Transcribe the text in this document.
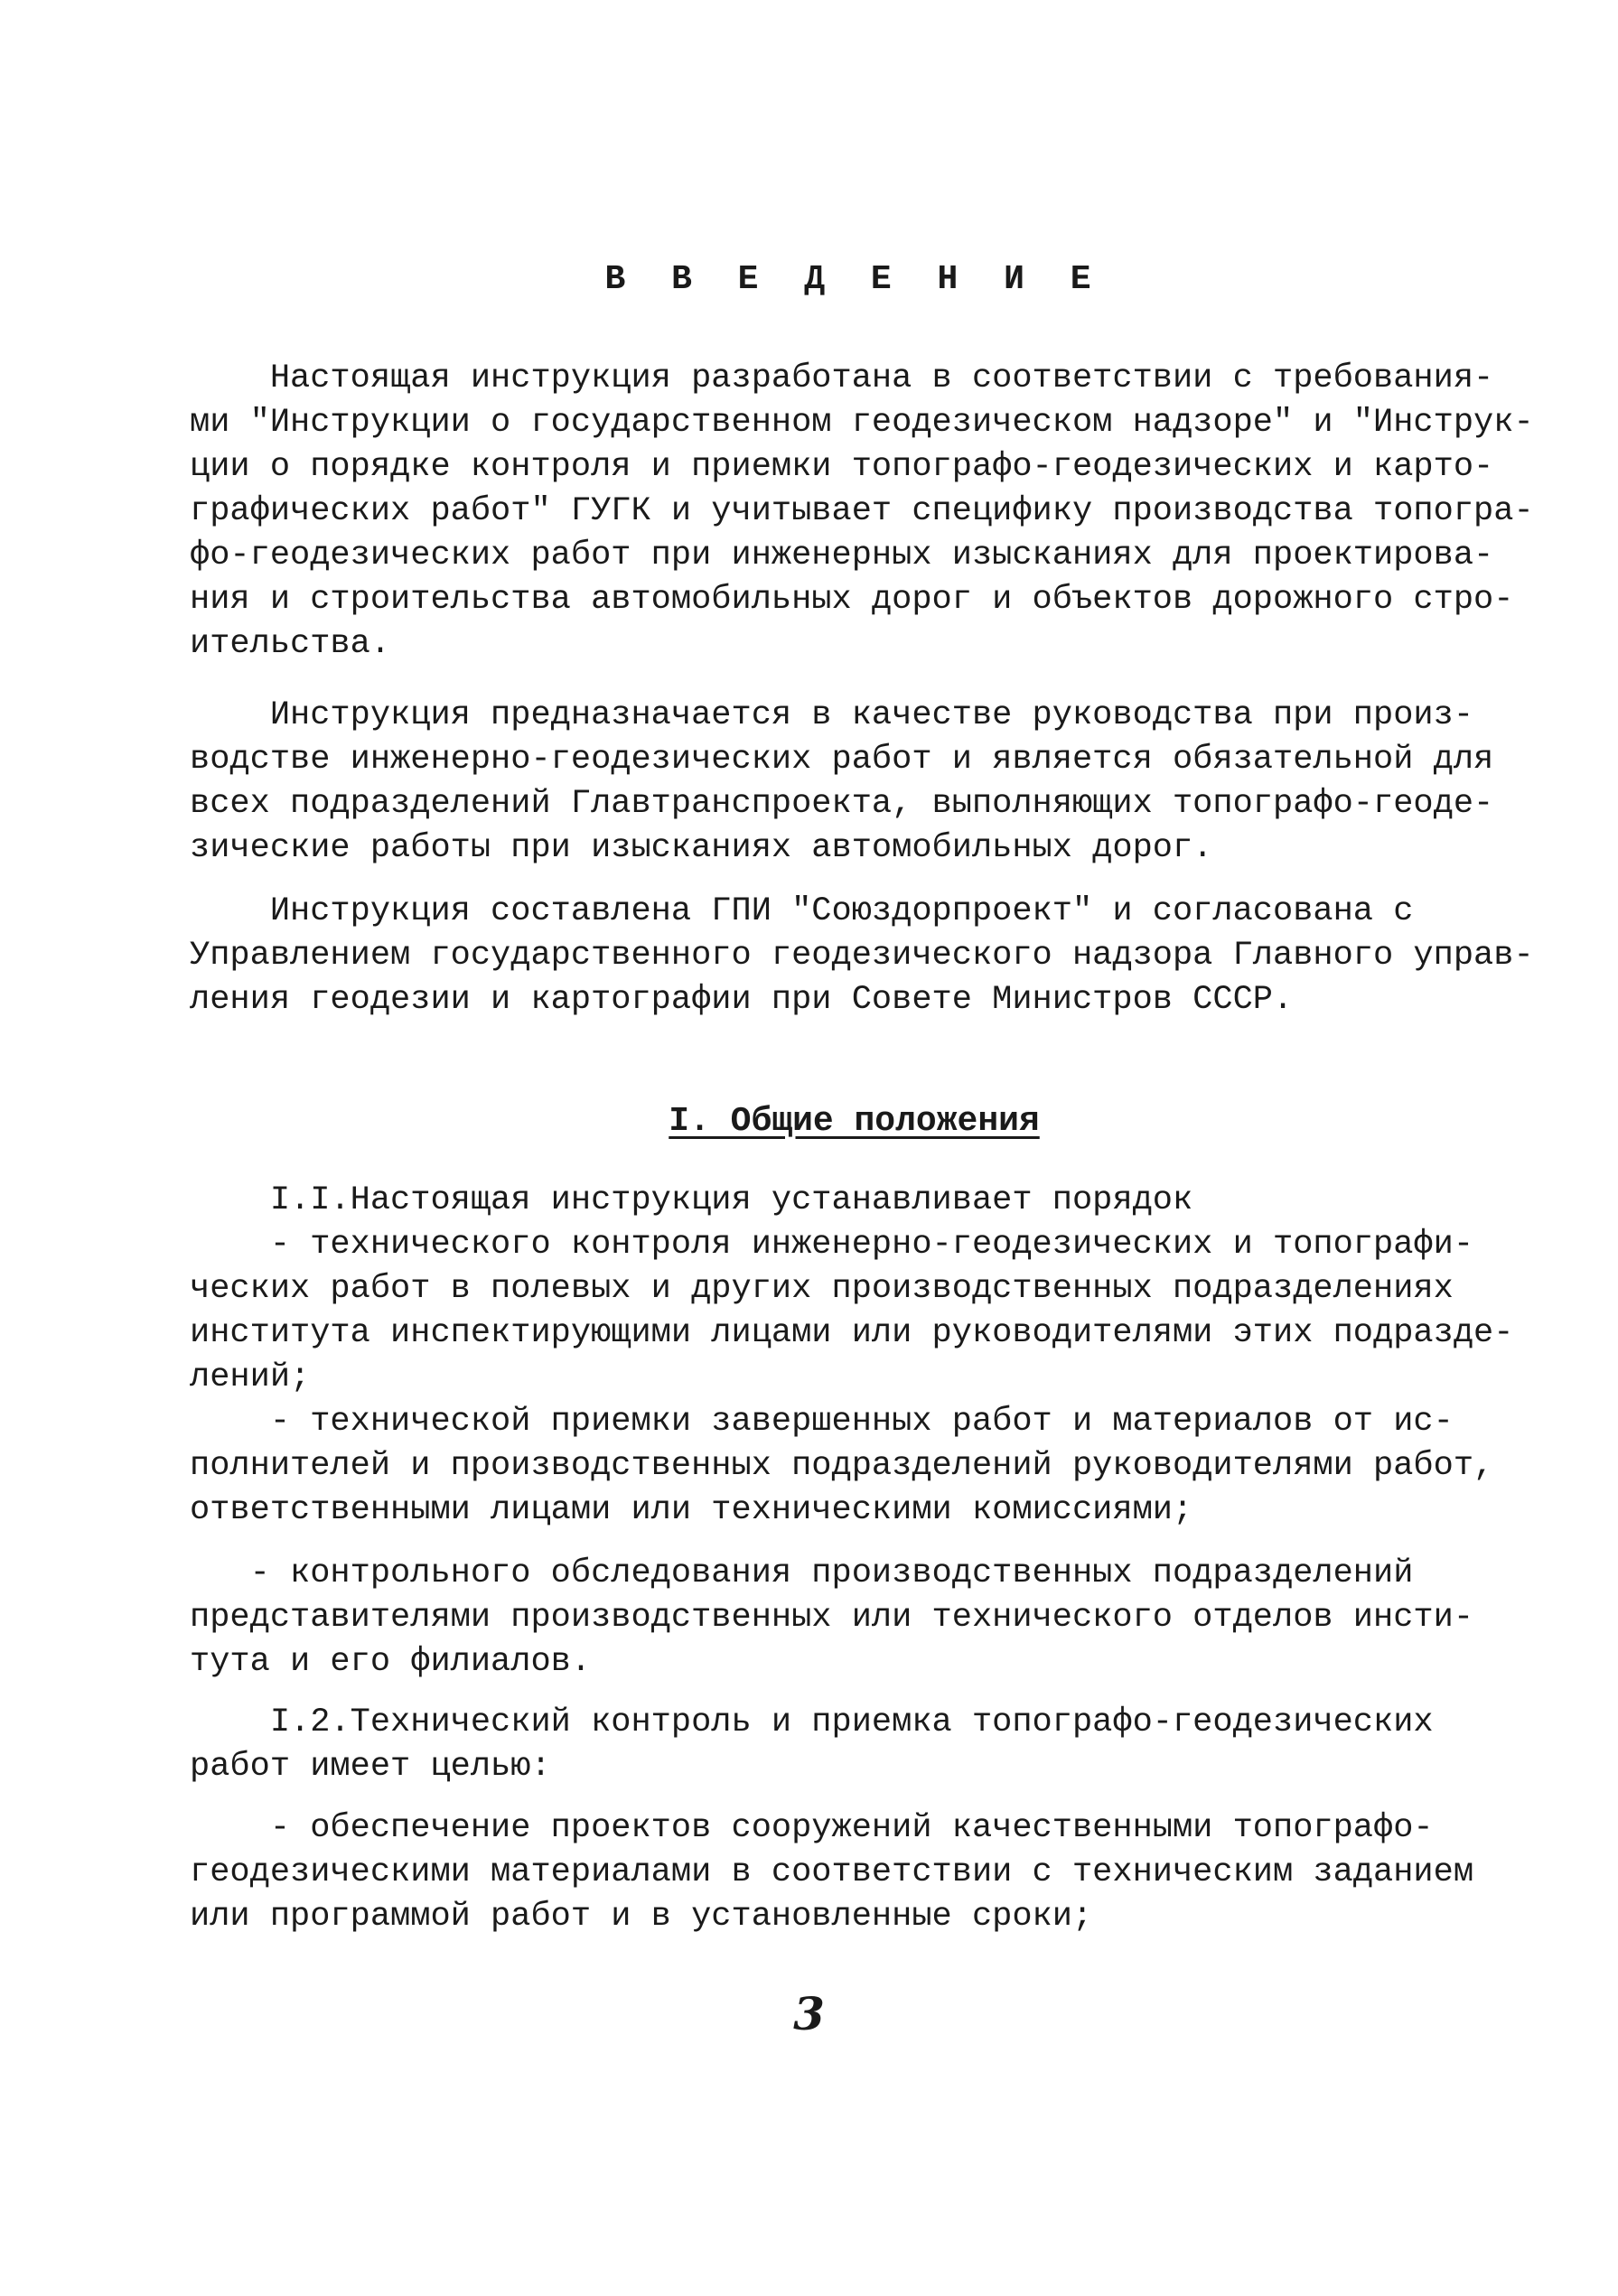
В В Е Д Е Н И Е
Настоящая инструкция разработана в соответствии с требования-
ми "Инструкции о государственном геодезическом надзоре" и "Инструк-
ции о порядке контроля и приемки топографо-геодезических и карто-
графических работ" ГУГК и учитывает специфику производства топогра-
фо-геодезических работ при инженерных изысканиях для проектирова-
ния и строительства автомобильных дорог и объектов дорожного стро-
ительства.
Инструкция предназначается в качестве руководства при произ-
водстве инженерно-геодезических работ и является обязательной для
всех подразделений Главтранспроекта, выполняющих топографо-геоде-
зические работы при изысканиях автомобильных дорог.
Инструкция составлена ГПИ "Союздорпроект" и согласована с
Управлением государственного геодезического надзора Главного управ-
ления геодезии и картографии при Совете Министров СССР.
I. Общие положения
I.I.Настоящая инструкция устанавливает порядок
- технического контроля инженерно-геодезических и топографи-
ческих работ в полевых и других производственных подразделениях
института инспектирующими лицами или руководителями этих подразде-
лений;
- технической приемки завершенных работ и материалов от ис-
полнителей и производственных подразделений руководителями работ,
ответственными лицами или техническими комиссиями;
- контрольного обследования производственных подразделений
представителями производственных или технического отделов инсти-
тута и его филиалов.
I.2.Технический контроль и приемка топографо-геодезических
работ имеет целью:
- обеспечение проектов сооружений качественными топографо-
геодезическими материалами в соответствии с техническим заданием
или программой работ и в установленные сроки;
3
